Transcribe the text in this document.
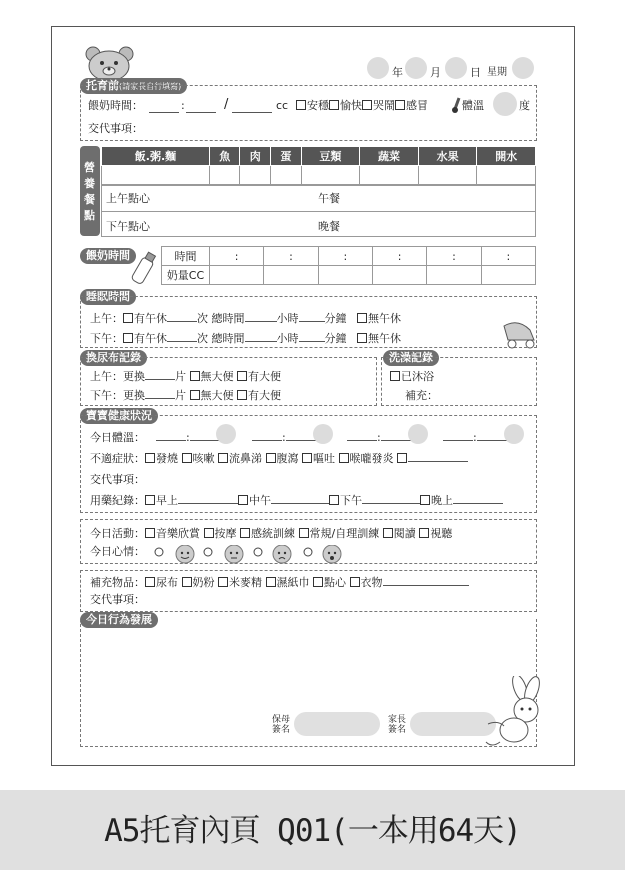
年 月	日 星期
托育前(請家長自行填寫)
餵奶時間：	:	/	cc	安穩 愉快 哭鬧 感冒	體溫	度
交代事項：
營養餐點
飯.粥.麵	魚	肉	蛋	豆類	蔬菜	水果	開水

上午點心	午餐
下午點心	晚餐
餵奶時間	時間	:	:	:	:	:	:
奶量CC						
睡眠時間
上午： 有午休	次 總時間	小時 分鐘 無午休
下午： 有午休	次 總時間	小時 分鐘 無午休
換尿布記錄
上午：更換	片 無大便 有大便
下午：更換	片 無大便 有大便
洗澡記錄
已沐浴
補充：
寶寶健康狀況
今日體溫：	:	:	:	:
不適症狀： 發燒 咳嗽 流鼻涕 腹瀉 嘔吐 喉嚨發炎
交代事項：
用藥紀錄： 早上	中午	下午	晚上
今日活動： 音樂欣賞 按摩 感統訓練 常規/自理訓練 閱讀 視聽
今日心情：
補充物品： 尿布 奶粉 米麥精 濕紙巾 點心 衣物
交代事項：
今日行為發展
保母
簽名
家長
簽名
A5托育內頁 Q01(一本用64天)
